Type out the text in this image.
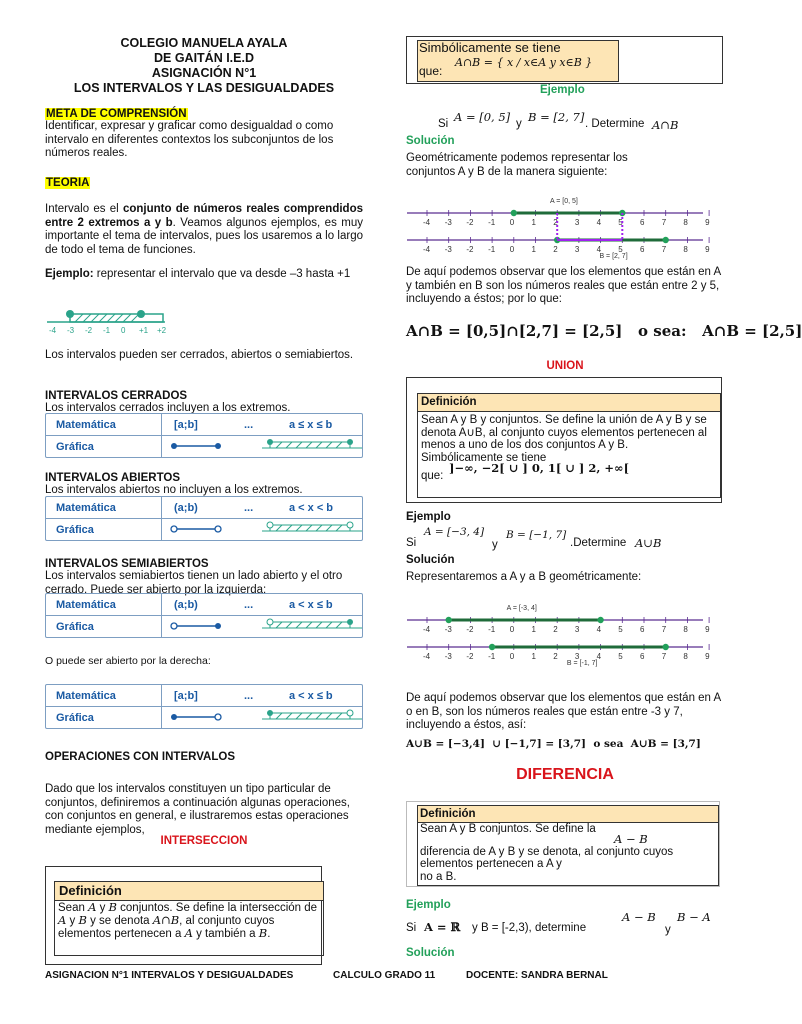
COLEGIO MANUELA AYALA
DE GAITÁN I.E.D
ASIGNACIÓN N°1
LOS INTERVALOS Y LAS DESIGUALDADES
META DE COMPRENSIÓN

Identificar, expresar y graficar como desigualdad o como intervalo en diferentes contextos los subconjuntos de los números reales.

TEORIA

Intervalo es el conjunto de números reales comprendidos entre 2 extremos a y b. Veamos algunos ejemplos, es muy importante el tema de intervalos, pues los usaremos a lo largo de todo el tema de funciones.

Ejemplo: representar el intervalo que va desde –3 hasta +1

-4 -3 -2 -1 0 +1 +2

Los intervalos pueden ser cerrados, abiertos o semiabiertos.

INTERVALOS CERRADOS

Los intervalos cerrados incluyen a los extremos.

Matemática	[a;b]	...	a ≤ x ≤ b
Gráfica
INTERVALOS ABIERTOS

Los intervalos abiertos no incluyen a los extremos.

Matemática	(a;b)	...	a < x < b
Gráfica
INTERVALOS SEMIABIERTOS

Los intervalos semiabiertos tienen un lado abierto y el otro cerrado. Puede ser abierto por la izquierda:

Matemática	(a;b)	...	a < x ≤ b
Gráfica

O puede ser abierto por la derecha:

Matemática	[a;b]	...	a < x ≤ b
Gráfica
OPERACIONES CON INTERVALOS

Dado que los intervalos constituyen un tipo particular de conjuntos, definiremos a continuación algunas operaciones, con conjuntos en general, e ilustraremos estas operaciones mediante ejemplos,

INTERSECCION
Definición
Sean A y B conjuntos. Se define la intersección de A y B y se denota A∩B, al conjunto cuyos elementos pertenecen a A y también a B.
Simbólicamente se tiene
que:
A∩B = { x / x∈A y x∈B }
Ejemplo
Si A = [0, 5] y B = [2, 7] . Determine A∩B
Solución

Geométricamente podemos representar los conjuntos A y B de la manera siguiente:

-4 -3 -2 -1 0 1 2 3 4 5 6 7 8 9
-4 -3 -2 -1 0 1 2 3 4 5 6 7 8 9
A = [0, 5]
B = [2, 7]

De aquí podemos observar que los elementos que están en A y también en B son los números reales que están entre 2 y 5, incluyendo a éstos; por lo que:

A∩B = [0,5]∩[2,7] = [2,5]   o sea:   A∩B = [2,5]
UNION
Definición
Sean A y B y conjuntos. Se define la unión de A y B y se denota A∪B, al conjunto cuyos elementos pertenecen al menos a uno de los dos conjuntos A y B.
Simbólicamente se tiene
que:
]−∞, −2[ ∪ ] 0, 1[ ∪ ] 2, +∞[
Ejemplo
Si
A = [−3, 4]
y
B = [−1, 7]
.Determine A∪B
Solución

Representaremos a A y a B geométricamente:

-4 -3 -2 -1 0 1 2 3 4 5 6 7 8 9
-4 -3 -2 -1 0 1 2 3 4 5 6 7 8 9
A = [-3, 4]
B = [-1, 7]

De aquí podemos observar que los elementos que están en A o en B, son los números reales que están entre -3 y 7, incluyendo a éstos, así:

A∪B = [−3,4]  ∪ [−1,7] = [3,7]  o sea  A∪B = [3,7]
DIFERENCIA
Definición
Sean A y B conjuntos. Se define la
A − B
diferencia de A y B y se denota, al conjunto cuyos elementos pertenecen a A y
no a B.
Ejemplo
Si A = ℝ y B = [-2,3), determine
A − B
y
B − A
Solución
ASIGNACION N°1 INTERVALOS Y DESIGUALDADES	CALCULO GRADO 11	DOCENTE: SANDRA BERNAL
